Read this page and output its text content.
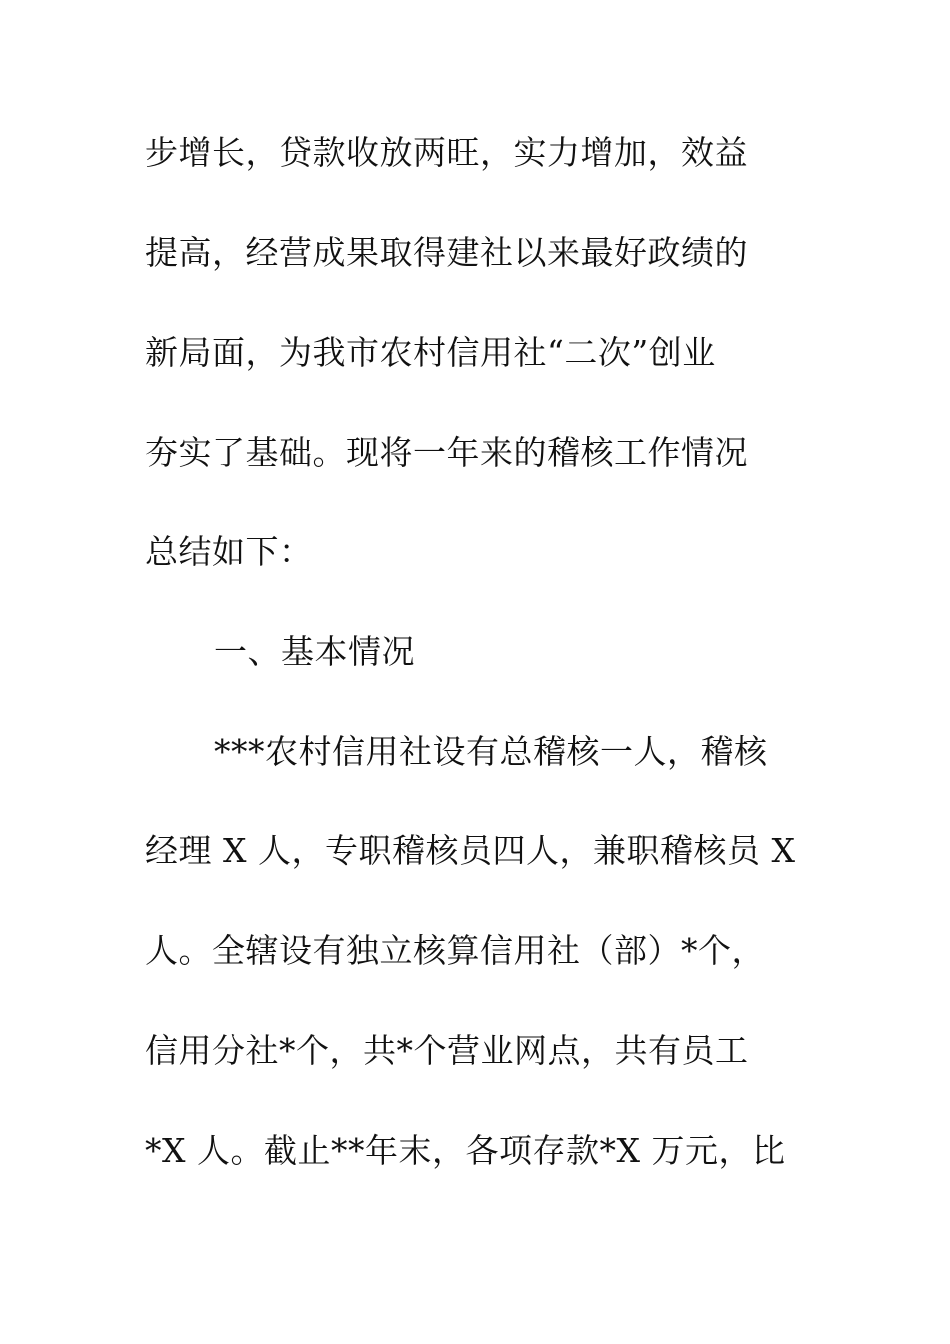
步增长，贷款收放两旺，实力增加，效益
提高，经营成果取得建社以来最好政绩的
新局面，为我市农村信用社“二次”创业
夯实了基础。现将一年来的稽核工作情况
总结如下：
一、基本情况
***农村信用社设有总稽核一人，稽核
经理 X 人，专职稽核员四人，兼职稽核员 X
人。全辖设有独立核算信用社（部）*个，
信用分社*个，共*个营业网点，共有员工
*X 人。截止**年末，各项存款*X 万元，比
